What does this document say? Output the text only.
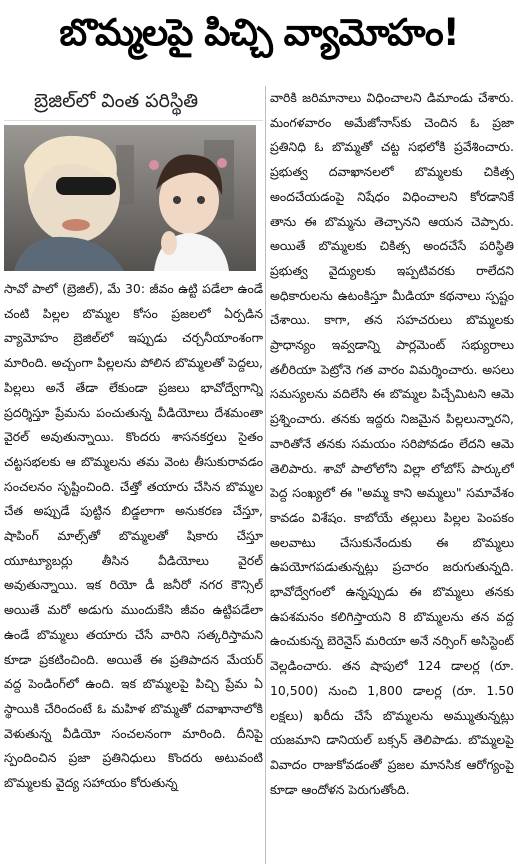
బొమ్మలపై పిచ్చి వ్యామోహం!
బ్రెజిల్‌లో వింత పరిస్థితి

సావో పాలో (బ్రెజిల్), మే 30: జీవం ఉట్టి పడేలా ఉండే చంటి పిల్లల బొమ్మల కోసం ప్రజలలో ఏర్పడిన వ్యామోహం బ్రెజిల్‌లో ఇప్పుడు చర్చనీయాంశంగా మారింది. అచ్చంగా పిల్లలను పోలిన బొమ్మలతో పెద్దలు, పిల్లలు అనే తేడా లేకుండా ప్రజలు భావోద్వేగాన్ని ప్రదర్శిస్తూ ప్రేమను పంచుతున్న వీడియోలు దేశమంతా వైరల్ అవుతున్నాయి. కొందరు శాసనకర్తలు సైతం చట్టసభలకు ఆ బొమ్మలను తమ వెంట తీసుకురావడం సంచలనం సృష్టించింది. చేత్తో తయారు చేసిన బొమ్మల చేత అప్పుడే పుట్టిన బిడ్డలాగా అనుకరణ చేస్తూ, షాపింగ్ మాల్స్‌తో బొమ్మలతో షికారు చేస్తూ యూట్యూబర్లు తీసిన వీడియోలు వైరల్ అవుతున్నాయి. ఇక రియో డీ జనీరో నగర కౌన్సిల్ అయితే మరో అడుగు ముందుకేసి జీవం ఉట్టిపడేలా ఉండే బొమ్మలు తయారు చేసే వారిని సత్కరిస్తామని కూడా ప్రకటించింది. అయితే ఈ ప్రతిపాదన మేయర్ వద్ద పెండింగ్‌లో ఉంది. ఇక బొమ్మలపై పిచ్చి ప్రేమ ఏ స్థాయికి చేరిందంటే ఓ మహిళ బొమ్మతో దవాఖానాలోకి వెళుతున్న వీడియో సంచలనంగా మారింది. దీనిపై స్పందించిన ప్రజా ప్రతినిధులు కొందరు అటువంటి బొమ్మలకు వైద్య సహాయం కోరుతున్న

వారికి జరిమానాలు విధించాలని డిమాండు చేశారు. మంగళవారం అమేజోనాస్‌కు చెందిన ఓ ప్రజా ప్రతినిధి ఓ బొమ్మతో చట్ట సభలోకి ప్రవేశించారు. ప్రభుత్వ దవాఖానలలో బొమ్మలకు చికిత్స అందచేయడంపై నిషేధం విధించాలని కోరడానికే తాను ఈ బొమ్మను తెచ్చానని ఆయన చెప్పారు. అయితే బొమ్మలకు చికిత్స అందచేసే పరిస్థితి ప్రభుత్వ వైద్యులకు ఇప్పటివరకు రాలేదని అధికారులను ఉటంకిస్తూ మీడియా కథనాలు స్పష్టం చేశాయి. కాగా, తన సహచరులు బొమ్మలకు ప్రాధాన్యం ఇవ్వడాన్ని పార్లమెంట్ సభ్యురాలు తలీరియా పెట్రోనె గత వారం విమర్శించారు. అసలు సమస్యలను వదిలేసి ఈ బొమ్మల పిచ్చేమిటని ఆమె ప్రశ్నించారు. తనకు ఇద్దరు నిజమైన పిల్లలున్నారని, వారితోనే తనకు సమయం సరిపోవడం లేదని ఆమె తెలిపారు. శావో పాలోలోని విల్లా లోబోస్ పార్కులో పెద్ద సంఖ్యలో ఈ "అమ్మ కాని అమ్మలు" సమావేశం కావడం విశేషం. కాబోయే తల్లులు పిల్లల పెంపకం అలవాటు చేసుకునేందుకు ఈ బొమ్మలు ఉపయోగపడుతున్నట్లు ప్రచారం జరుగుతున్నది. భావోద్వేగంలో ఉన్నప్పుడు ఈ బొమ్మలు తనకు ఉపశమనం కలిగిస్తాయని 8 బొమ్మలను తన వద్ద ఉంచుకున్న బెరెనైస్ మరియా అనే నర్సింగ్ అసిస్టెంట్ వెల్లడించారు. తన షాపులో 124 డాలర్ల (రూ. 10,500) నుంచి 1,800 డాలర్ల (రూ. 1.50 లక్షలు) ఖరీదు చేసే బొమ్మలను అమ్ముతున్నట్లు యజమాని డానియల్ బక్సన్ తెలిపాడు. బొమ్మలపై వివాదం రాజుకోవడంతో ప్రజల మానసిక ఆరోగ్యంపై కూడా ఆందోళన పెరుగుతోంది.
